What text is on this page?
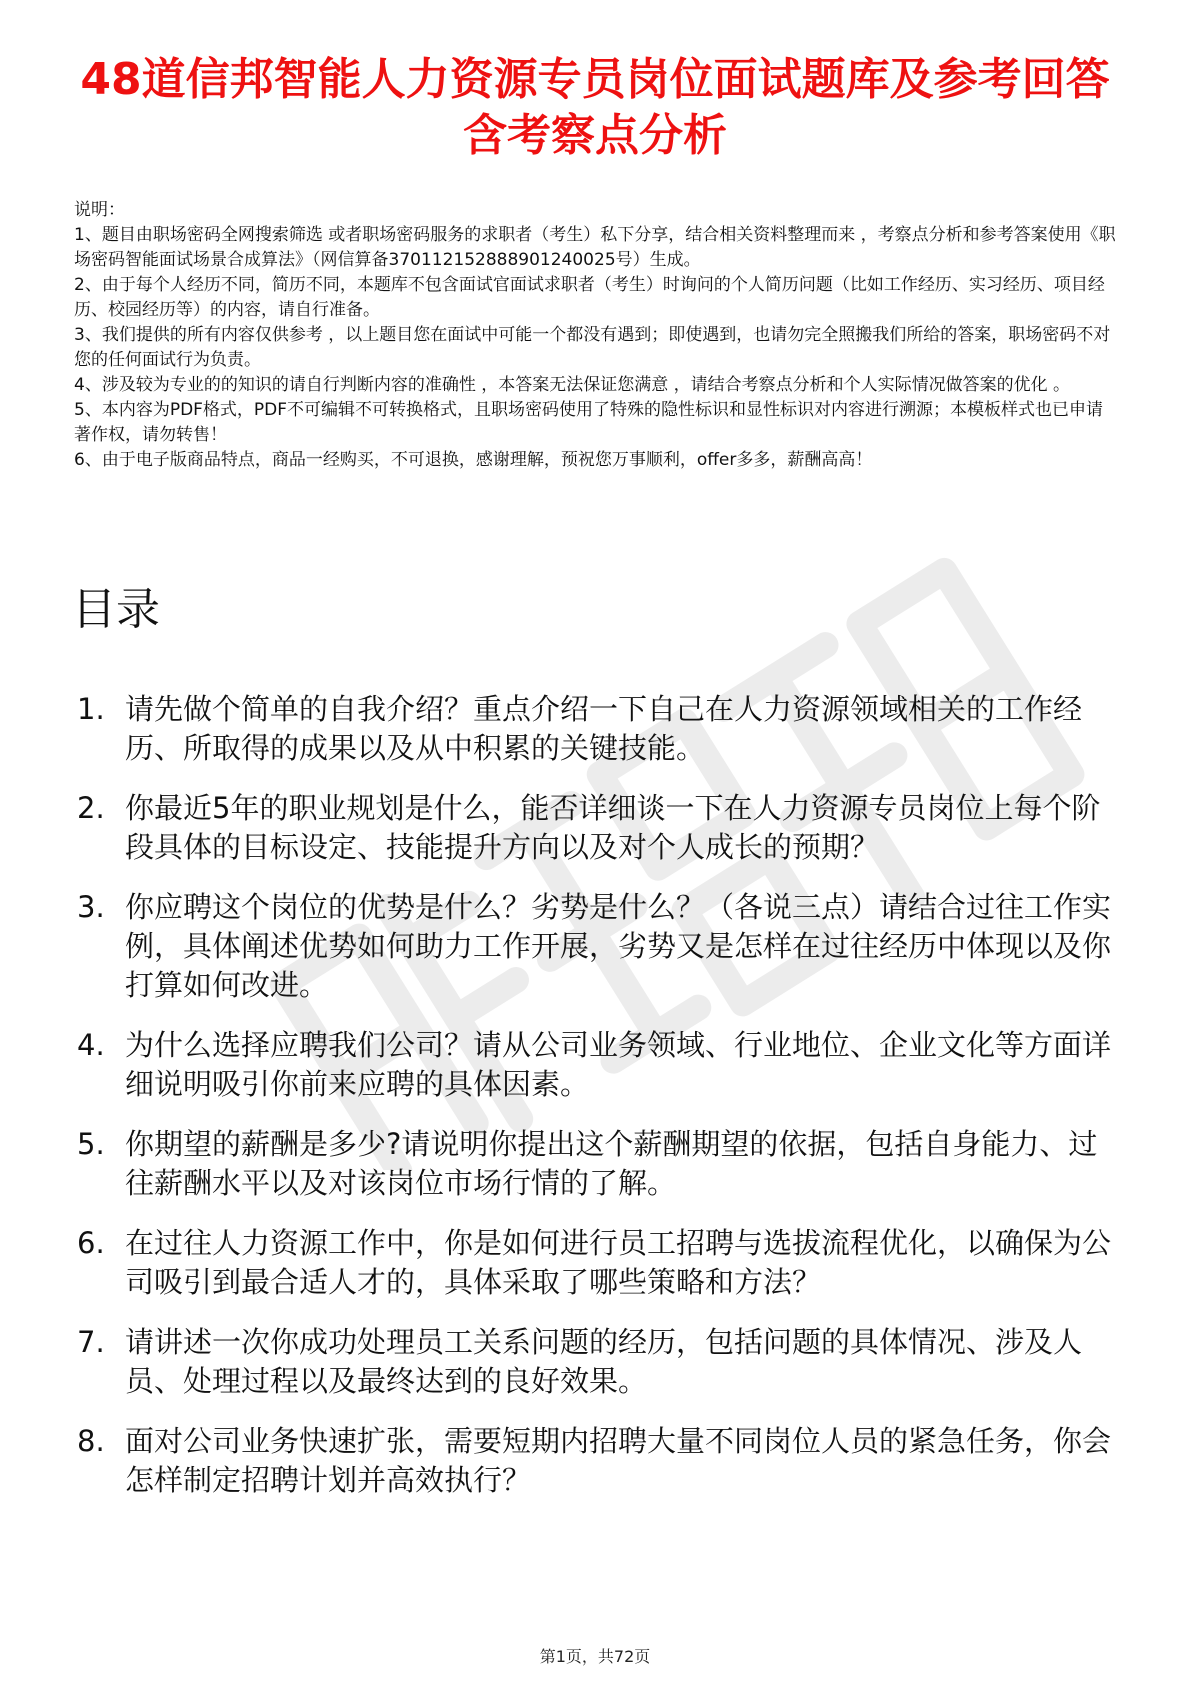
48道信邦智能人力资源专员岗位面试题库及参考回答含考察点分析

说明：

1、题目由职场密码全网搜索筛选 或者职场密码服务的求职者（考生）私下分享，结合相关资料整理而来 ，考察点分析和参考答案使用《职场密码智能面试场景合成算法》（网信算备370112152888901240025号）生成。

2、由于每个人经历不同，简历不同，本题库不包含面试官面试求职者（考生）时询问的个人简历问题（比如工作经历、实习经历、项目经历、校园经历等）的内容，请自行准备。

3、我们提供的所有内容仅供参考 ，以上题目您在面试中可能一个都没有遇到；即使遇到，也请勿完全照搬我们所给的答案，职场密码不对您的任何面试行为负责。

4、涉及较为专业的的知识的请自行判断内容的准确性 ，本答案无法保证您满意 ，请结合考察点分析和个人实际情况做答案的优化 。

5、本内容为PDF格式，PDF不可编辑不可转换格式，且职场密码使用了特殊的隐性标识和显性标识对内容进行溯源；本模板样式也已申请著作权，请勿转售！

6、由于电子版商品特点，商品一经购买，不可退换，感谢理解，预祝您万事顺利，offer多多，薪酬高高！

目录
1. 请先做个简单的自我介绍？重点介绍一下自己在人力资源领域相关的工作经历、所取得的成果以及从中积累的关键技能。
2. 你最近5年的职业规划是什么，能否详细谈一下在人力资源专员岗位上每个阶段具体的目标设定、技能提升方向以及对个人成长的预期？
3. 你应聘这个岗位的优势是什么？劣势是什么？（各说三点）请结合过往工作实例，具体阐述优势如何助力工作开展，劣势又是怎样在过往经历中体现以及你打算如何改进。
4. 为什么选择应聘我们公司？请从公司业务领域、行业地位、企业文化等方面详细说明吸引你前来应聘的具体因素。
5. 你期望的薪酬是多少?请说明你提出这个薪酬期望的依据，包括自身能力、过往薪酬水平以及对该岗位市场行情的了解。
6. 在过往人力资源工作中，你是如何进行员工招聘与选拔流程优化，以确保为公司吸引到最合适人才的，具体采取了哪些策略和方法？
7. 请讲述一次你成功处理员工关系问题的经历，包括问题的具体情况、涉及人员、处理过程以及最终达到的良好效果。
8. 面对公司业务快速扩张，需要短期内招聘大量不同岗位人员的紧急任务，你会怎样制定招聘计划并高效执行？
第1页，共72页
